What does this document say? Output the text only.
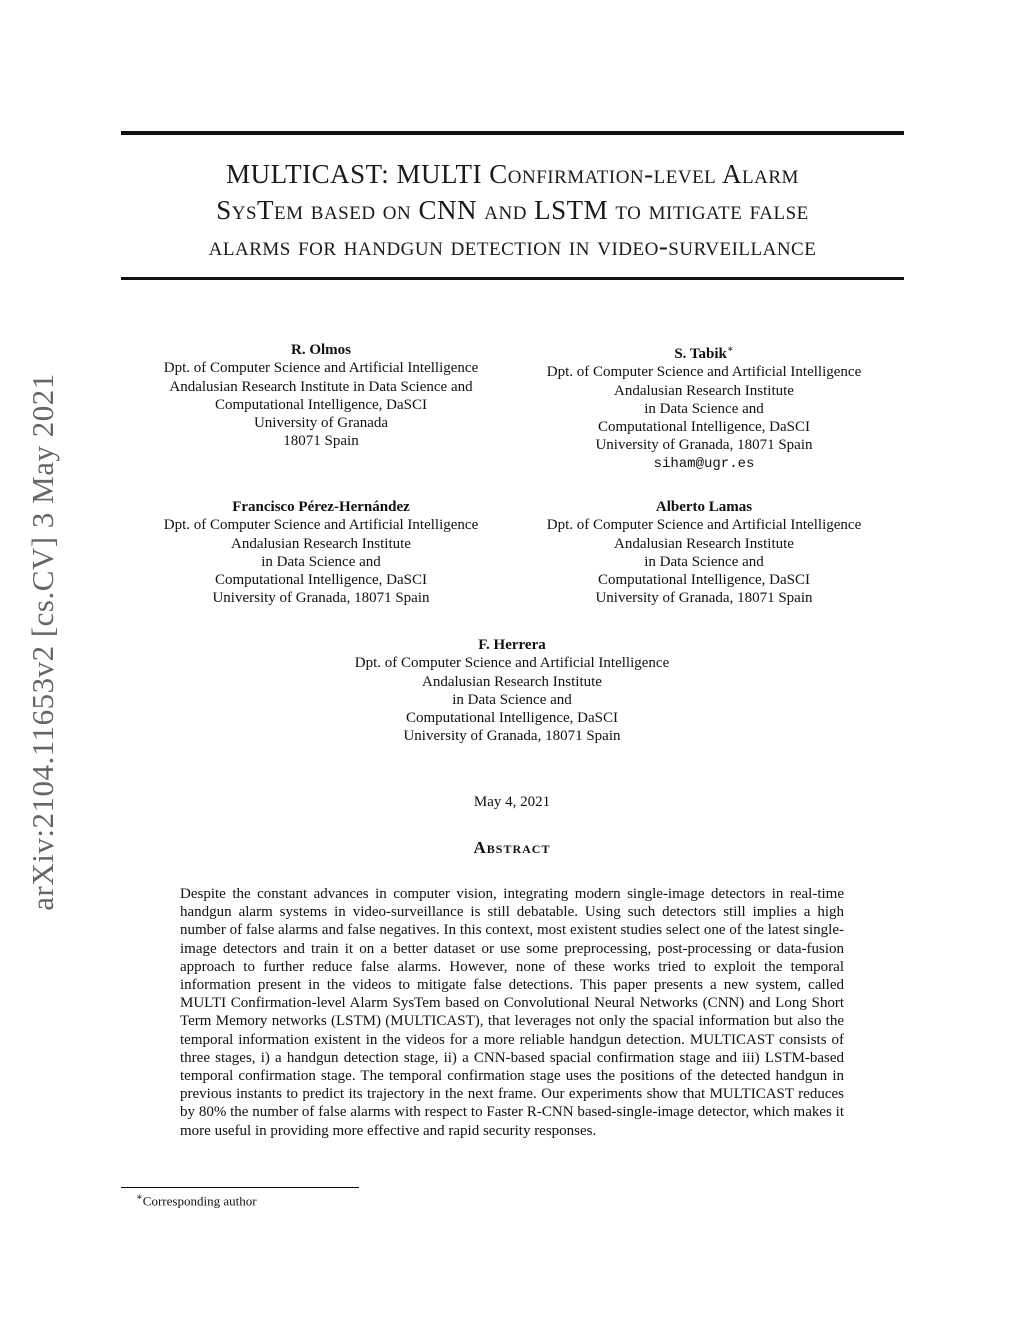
arXiv:2104.11653v2 [cs.CV] 3 May 2021
MULTICAST: MULTI Confirmation-level Alarm
SysTem based on CNN and LSTM to mitigate false
alarms for handgun detection in video-surveillance
R. Olmos
Dpt. of Computer Science and Artificial Intelligence
Andalusian Research Institute in Data Science and
Computational Intelligence, DaSCI
University of Granada
18071 Spain
S. Tabik∗
Dpt. of Computer Science and Artificial Intelligence
Andalusian Research Institute
in Data Science and
Computational Intelligence, DaSCI
University of Granada, 18071 Spain
siham@ugr.es
Francisco Pérez-Hernández
Dpt. of Computer Science and Artificial Intelligence
Andalusian Research Institute
in Data Science and
Computational Intelligence, DaSCI
University of Granada, 18071 Spain
Alberto Lamas
Dpt. of Computer Science and Artificial Intelligence
Andalusian Research Institute
in Data Science and
Computational Intelligence, DaSCI
University of Granada, 18071 Spain
F. Herrera
Dpt. of Computer Science and Artificial Intelligence
Andalusian Research Institute
in Data Science and
Computational Intelligence, DaSCI
University of Granada, 18071 Spain
May 4, 2021
Abstract
Despite the constant advances in computer vision, integrating modern single-image detectors in real-time handgun alarm systems in video-surveillance is still debatable. Using such detectors still implies a high number of false alarms and false negatives. In this context, most existent studies select one of the latest single-image detectors and train it on a better dataset or use some preprocessing, post-processing or data-fusion approach to further reduce false alarms. However, none of these works tried to exploit the temporal information present in the videos to mitigate false detections. This paper presents a new system, called MULTI Confirmation-level Alarm SysTem based on Convolutional Neural Networks (CNN) and Long Short Term Memory networks (LSTM) (MULTICAST), that leverages not only the spacial information but also the temporal information existent in the videos for a more reliable handgun detection. MULTICAST consists of three stages, i) a handgun detection stage, ii) a CNN-based spacial confirmation stage and iii) LSTM-based temporal confirmation stage. The temporal confirmation stage uses the positions of the detected handgun in previous instants to predict its trajectory in the next frame. Our experiments show that MULTICAST reduces by 80% the number of false alarms with respect to Faster R-CNN based-single-image detector, which makes it more useful in providing more effective and rapid security responses.
∗Corresponding author
